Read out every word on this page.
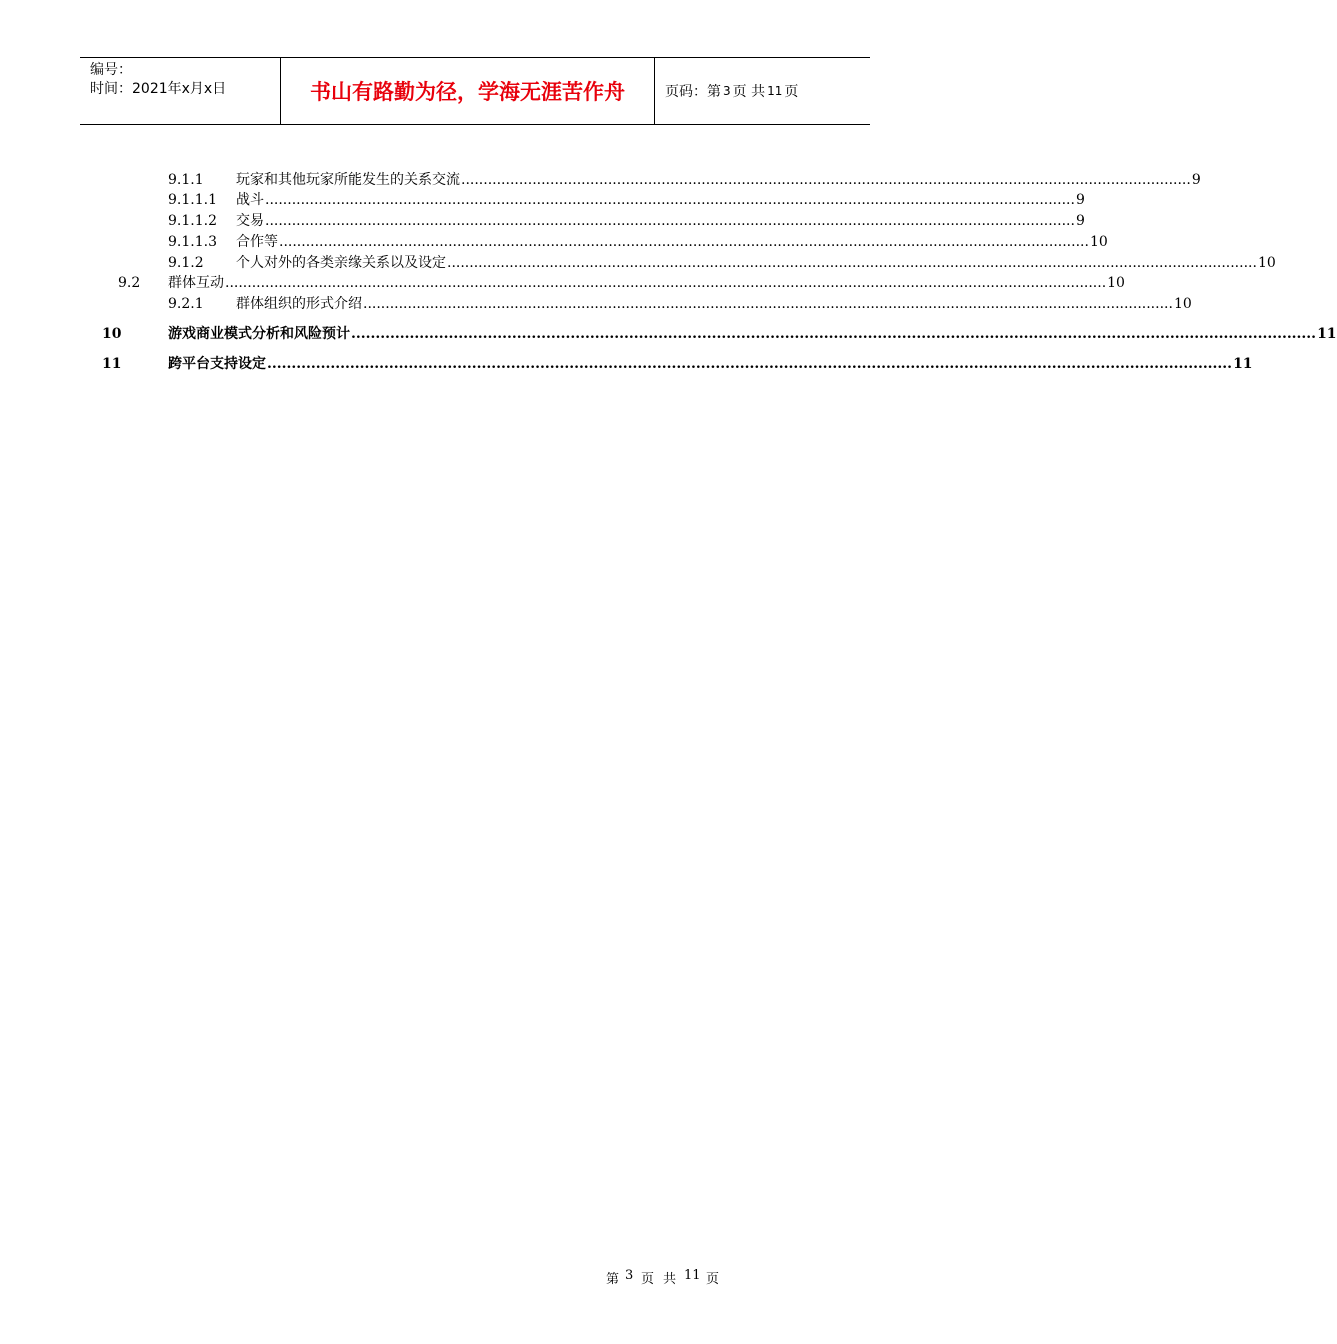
编号：
时间：2021年x月x日	书山有路勤为径，学海无涯苦作舟	页码：第 3 页 共 11 页
9.1.1 玩家和其他玩家所能发生的关系交流 .................................................................................................................................................................... 9
9.1.1.1 战斗 ...................................................................................................................................................................................... 9
9.1.1.2 交易 ...................................................................................................................................................................................... 9
9.1.1.3 合作等 ...................................................................................................................................................................................... 10
9.1.2 个人对外的各类亲缘关系以及设定 ...................................................................................................................................................................................... 10
9.2 群体互动 ...................................................................................................................................................................................................... 10
9.2.1 群体组织的形式介绍 ...................................................................................................................................................................................... 10
10	游戏商业模式分析和风险预计 ...................................................................................................................................................................................................... 11
11	跨平台支持设定 ...................................................................................................................................................................................................... 11
第 3 页 共 11 页
